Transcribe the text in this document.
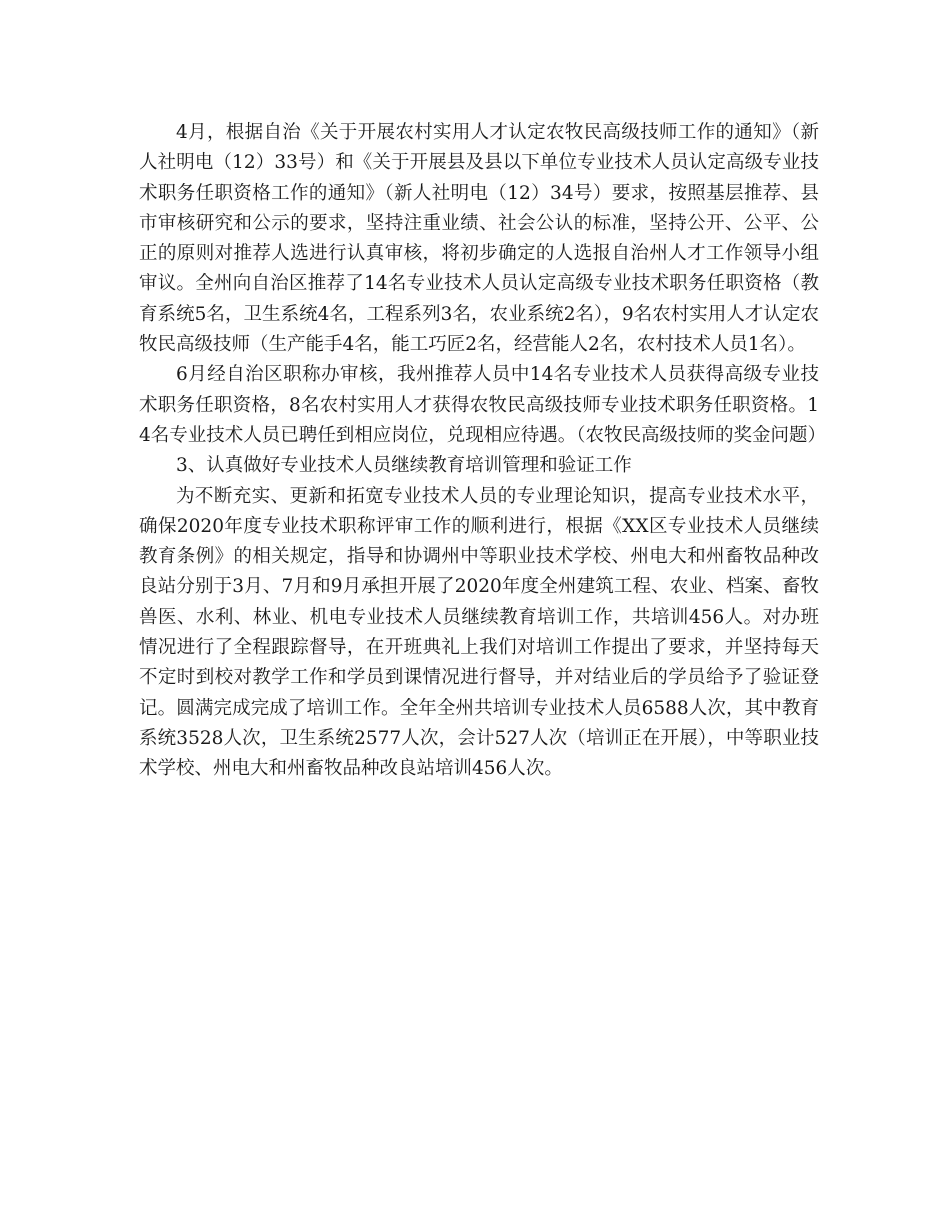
4月，根据自治《关于开展农村实用人才认定农牧民高级技师工作的通知》（新人社明电（12）33号）和《关于开展县及县以下单位专业技术人员认定高级专业技术职务任职资格工作的通知》（新人社明电（12）34号）要求，按照基层推荐、县市审核研究和公示的要求，坚持注重业绩、社会公认的标准，坚持公开、公平、公正的原则对推荐人选进行认真审核，将初步确定的人选报自治州人才工作领导小组审议。全州向自治区推荐了14名专业技术人员认定高级专业技术职务任职资格（教育系统5名，卫生系统4名，工程系列3名，农业系统2名），9名农村实用人才认定农牧民高级技师（生产能手4名，能工巧匠2名，经营能人2名，农村技术人员1名）。

6月经自治区职称办审核，我州推荐人员中14名专业技术人员获得高级专业技术职务任职资格，8名农村实用人才获得农牧民高级技师专业技术职务任职资格。14名专业技术人员已聘任到相应岗位，兑现相应待遇。（农牧民高级技师的奖金问题）

3、认真做好专业技术人员继续教育培训管理和验证工作

为不断充实、更新和拓宽专业技术人员的专业理论知识，提高专业技术水平，确保2020年度专业技术职称评审工作的顺利进行，根据《XX区专业技术人员继续教育条例》的相关规定，指导和协调州中等职业技术学校、州电大和州畜牧品种改良站分别于3月、7月和9月承担开展了2020年度全州建筑工程、农业、档案、畜牧兽医、水利、林业、机电专业技术人员继续教育培训工作，共培训456人。对办班情况进行了全程跟踪督导，在开班典礼上我们对培训工作提出了要求，并坚持每天不定时到校对教学工作和学员到课情况进行督导，并对结业后的学员给予了验证登记。圆满完成完成了培训工作。全年全州共培训专业技术人员6588人次，其中教育系统3528人次，卫生系统2577人次，会计527人次（培训正在开展），中等职业技术学校、州电大和州畜牧品种改良站培训456人次。
